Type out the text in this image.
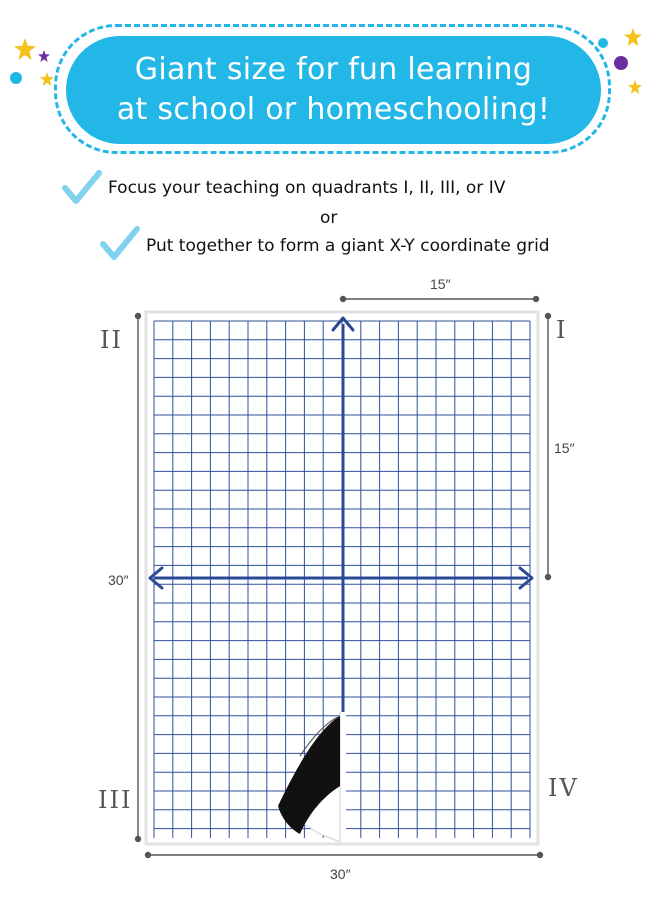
Giant size for fun learning
at school or homeschooling!
Focus your teaching on quadrants I, II, III, or IV
or
Put together to form a giant X-Y coordinate grid
15″
15″
30″
30″
II	I
III	IV
